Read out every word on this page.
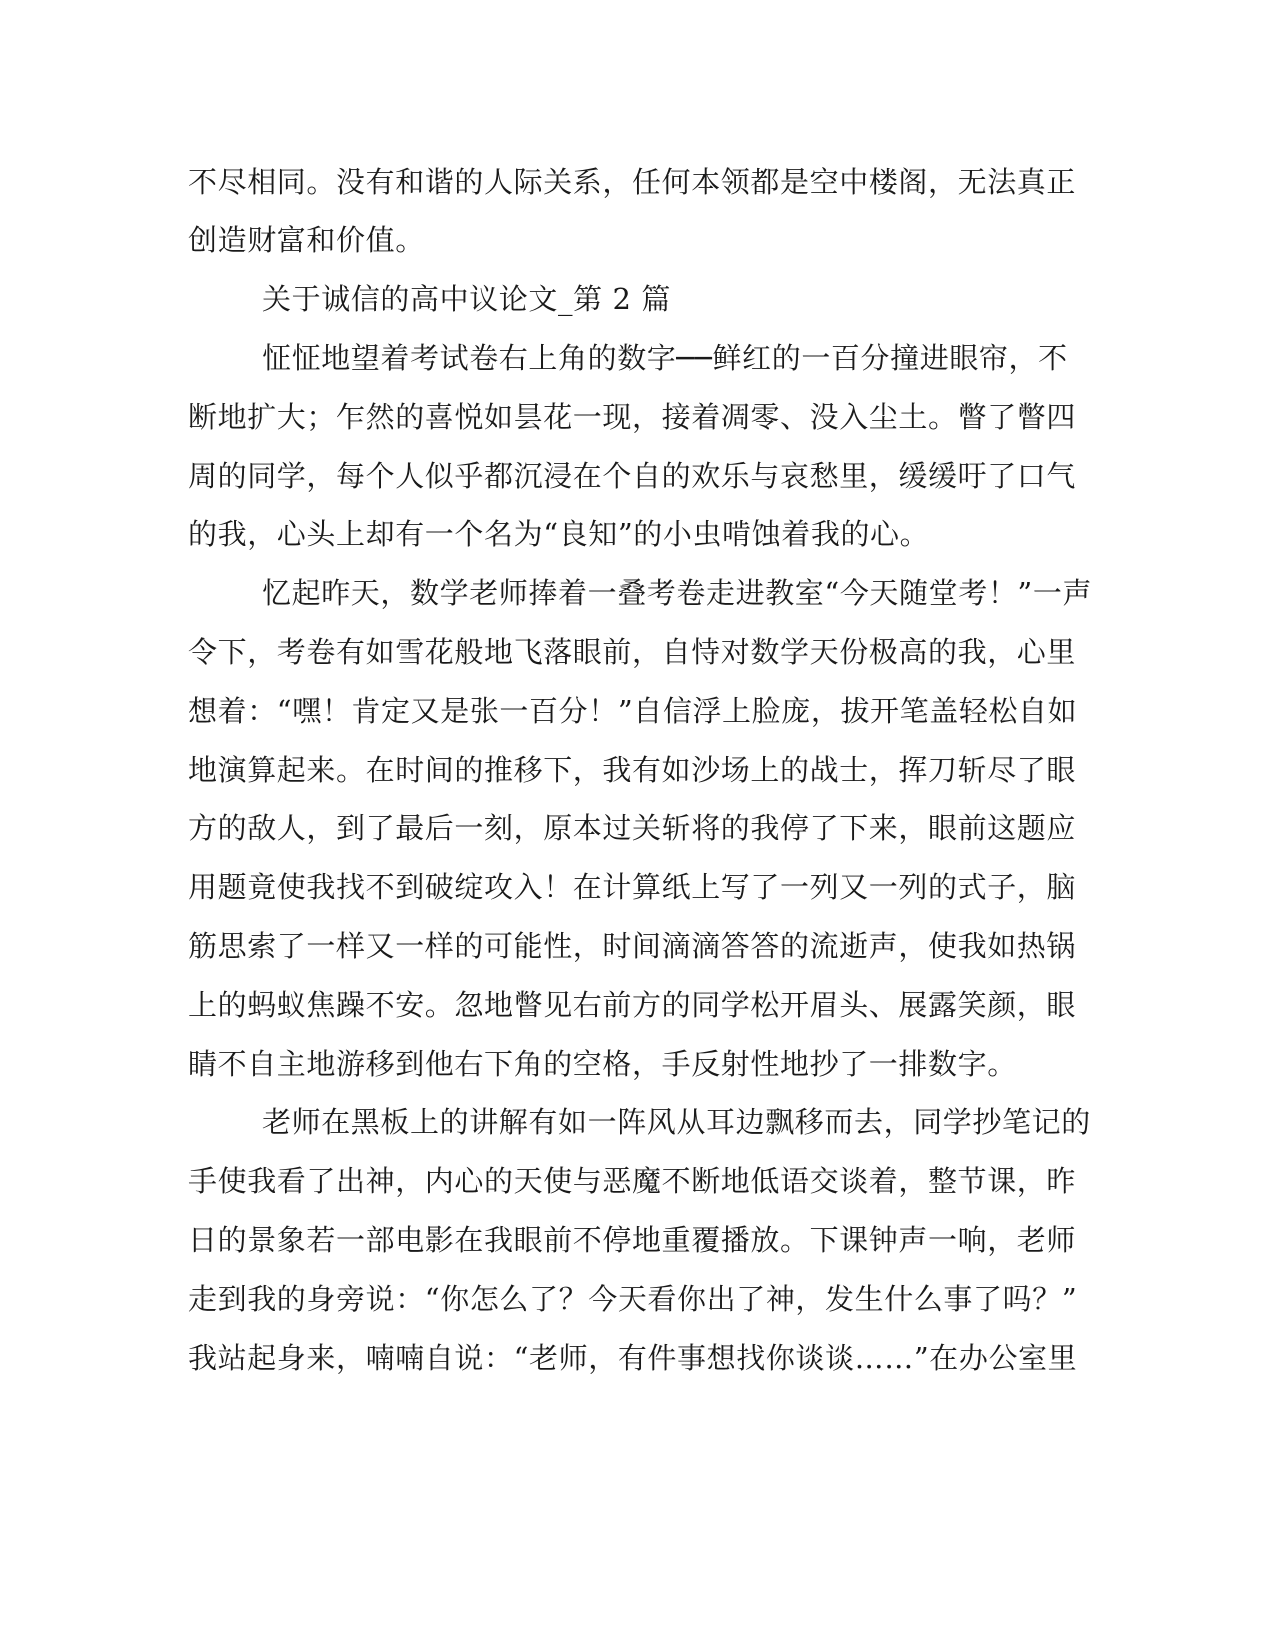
不尽相同。没有和谐的人际关系，任何本领都是空中楼阁，无法真正

创造财富和价值。

关于诚信的高中议论文_第 2 篇

怔怔地望着考试卷右上角的数字──鲜红的一百分撞进眼帘，不

断地扩大；乍然的喜悦如昙花一现，接着凋零、没入尘土。瞥了瞥四

周的同学，每个人似乎都沉浸在个自的欢乐与哀愁里，缓缓吁了口气

的我，心头上却有一个名为“良知”的小虫啃蚀着我的心。

忆起昨天，数学老师捧着一叠考卷走进教室“今天随堂考！”一声

令下，考卷有如雪花般地飞落眼前，自恃对数学天份极高的我，心里

想着：“嘿！肯定又是张一百分！”自信浮上脸庞，拔开笔盖轻松自如

地演算起来。在时间的推移下，我有如沙场上的战士，挥刀斩尽了眼

方的敌人，到了最后一刻，原本过关斩将的我停了下来，眼前这题应

用题竟使我找不到破绽攻入！在计算纸上写了一列又一列的式子，脑

筋思索了一样又一样的可能性，时间滴滴答答的流逝声，使我如热锅

上的蚂蚁焦躁不安。忽地瞥见右前方的同学松开眉头、展露笑颜，眼

睛不自主地游移到他右下角的空格，手反射性地抄了一排数字。

老师在黑板上的讲解有如一阵风从耳边飘移而去，同学抄笔记的

手使我看了出神，内心的天使与恶魔不断地低语交谈着，整节课，昨

日的景象若一部电影在我眼前不停地重覆播放。下课钟声一响，老师

走到我的身旁说：“你怎么了？今天看你出了神，发生什么事了吗？”

我站起身来，喃喃自说：“老师，有件事想找你谈谈……”在办公室里
